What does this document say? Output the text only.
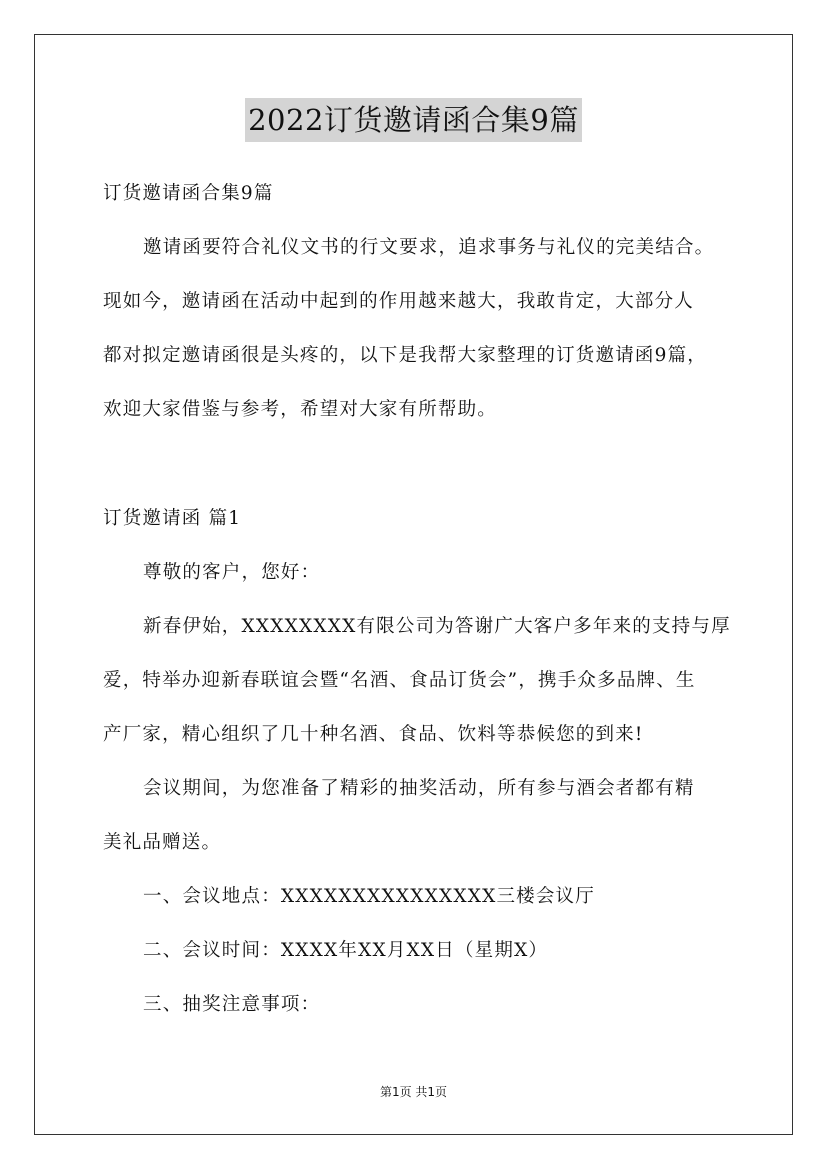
2022订货邀请函合集9篇
订货邀请函合集9篇
邀请函要符合礼仪文书的行文要求，追求事务与礼仪的完美结合。
现如今，邀请函在活动中起到的作用越来越大，我敢肯定，大部分人
都对拟定邀请函很是头疼的，以下是我帮大家整理的订货邀请函9篇，
欢迎大家借鉴与参考，希望对大家有所帮助。
订货邀请函 篇1
尊敬的客户，您好：
新春伊始，XXXXXXXX有限公司为答谢广大客户多年来的支持与厚
爱，特举办迎新春联谊会暨“名酒、食品订货会”，携手众多品牌、生
产厂家，精心组织了几十种名酒、食品、饮料等恭候您的到来!
会议期间，为您准备了精彩的抽奖活动，所有参与酒会者都有精
美礼品赠送。
一、会议地点：XXXXXXXXXXXXXXX三楼会议厅
二、会议时间：XXXX年XX月XX日（星期X）
三、抽奖注意事项：
第1页 共1页
